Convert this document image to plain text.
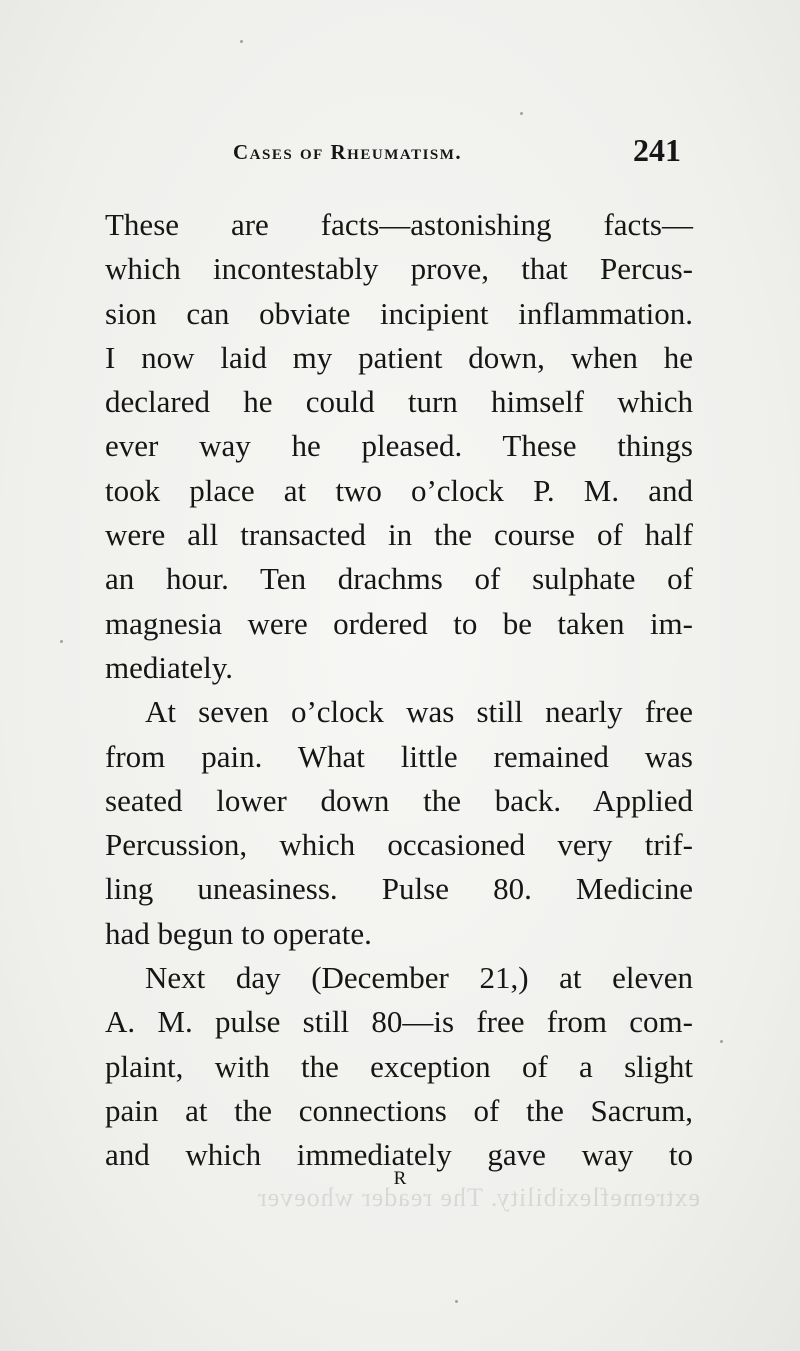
Cases of Rheumatism.	241
These are facts—astonishing facts—
which incontestably prove, that Percus-
sion can obviate incipient inflammation.
I now laid my patient down, when he
declared he could turn himself which
ever way he pleased. These things
took place at two o’clock P. M. and
were all transacted in the course of half
an hour. Ten drachms of sulphate of
magnesia were ordered to be taken im-
mediately.
At seven o’clock was still nearly free
from pain. What little remained was
seated lower down the back. Applied
Percussion, which occasioned very trif-
ling uneasiness. Pulse 80. Medicine
had begun to operate.
Next day (December 21,) at eleven
A. M. pulse still 80—is free from com-
plaint, with the exception of a slight
pain at the connections of the Sacrum,
and which immediately gave way to
R
extremeflexibility. The reader whoever
